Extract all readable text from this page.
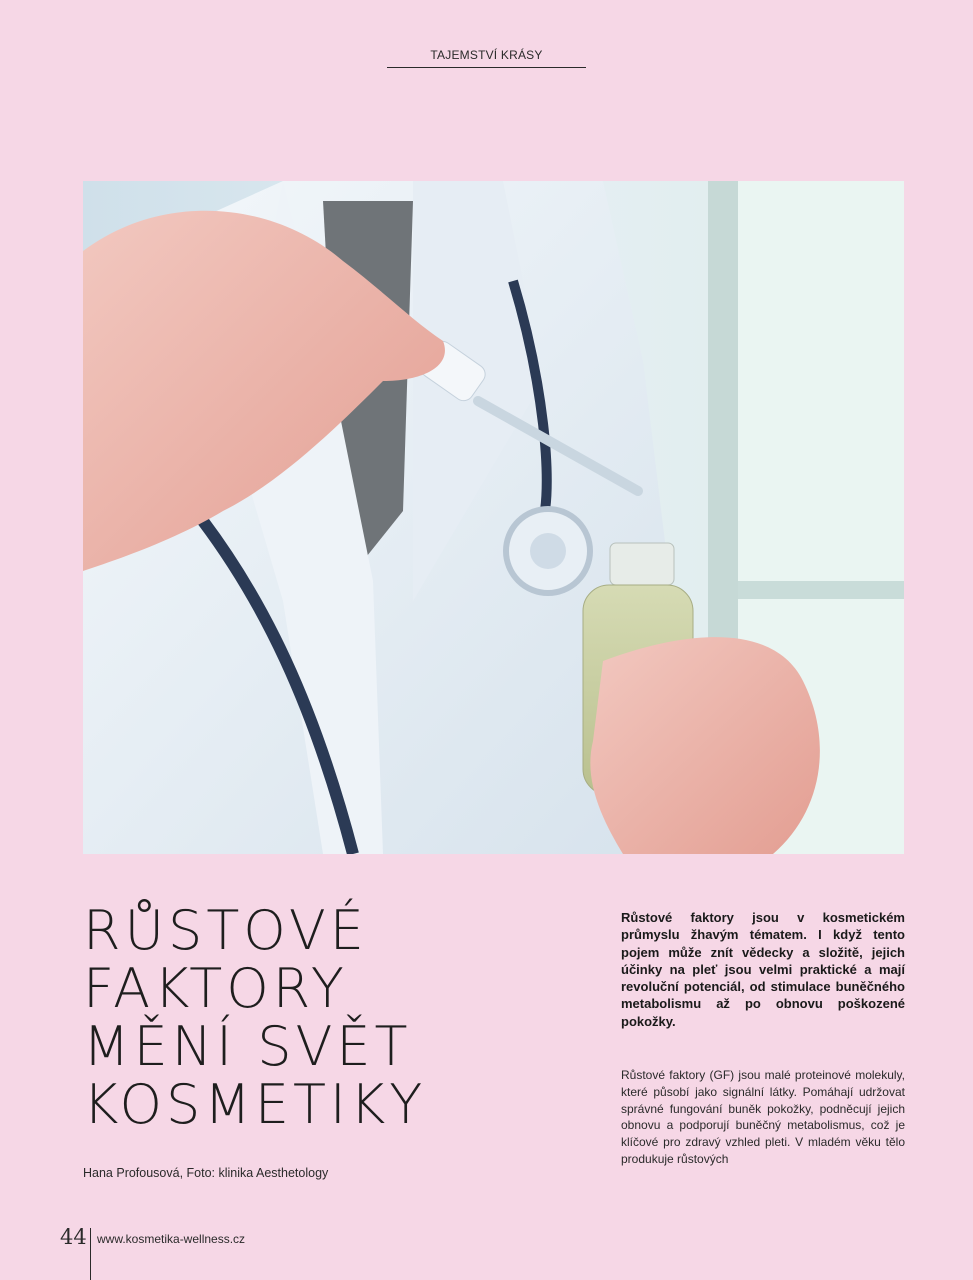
TAJEMSTVÍ KRÁSY
RŮSTOVÉ
FAKTORY
MĚNÍ SVĚT
KOSMETIKY
Hana Profousová, Foto: klinika Aesthetology

Růstové faktory jsou v kosmetickém průmyslu žhavým tématem. I když tento pojem může znít vědecky a složitě, jejich účinky na pleť jsou velmi praktické a mají revoluční potenciál, od stimulace buněčného metabolismu až po obnovu poškozené pokožky.

Růstové faktory (GF) jsou malé proteinové molekuly, které působí jako signální látky. Pomáhají udržovat správné fungování buněk pokožky, podněcují jejich obnovu a podporují buněčný metabolismus, což je klíčové pro zdravý vzhled pleti. V mladém věku tělo produkuje růstových

44 www.kosmetika-wellness.cz
